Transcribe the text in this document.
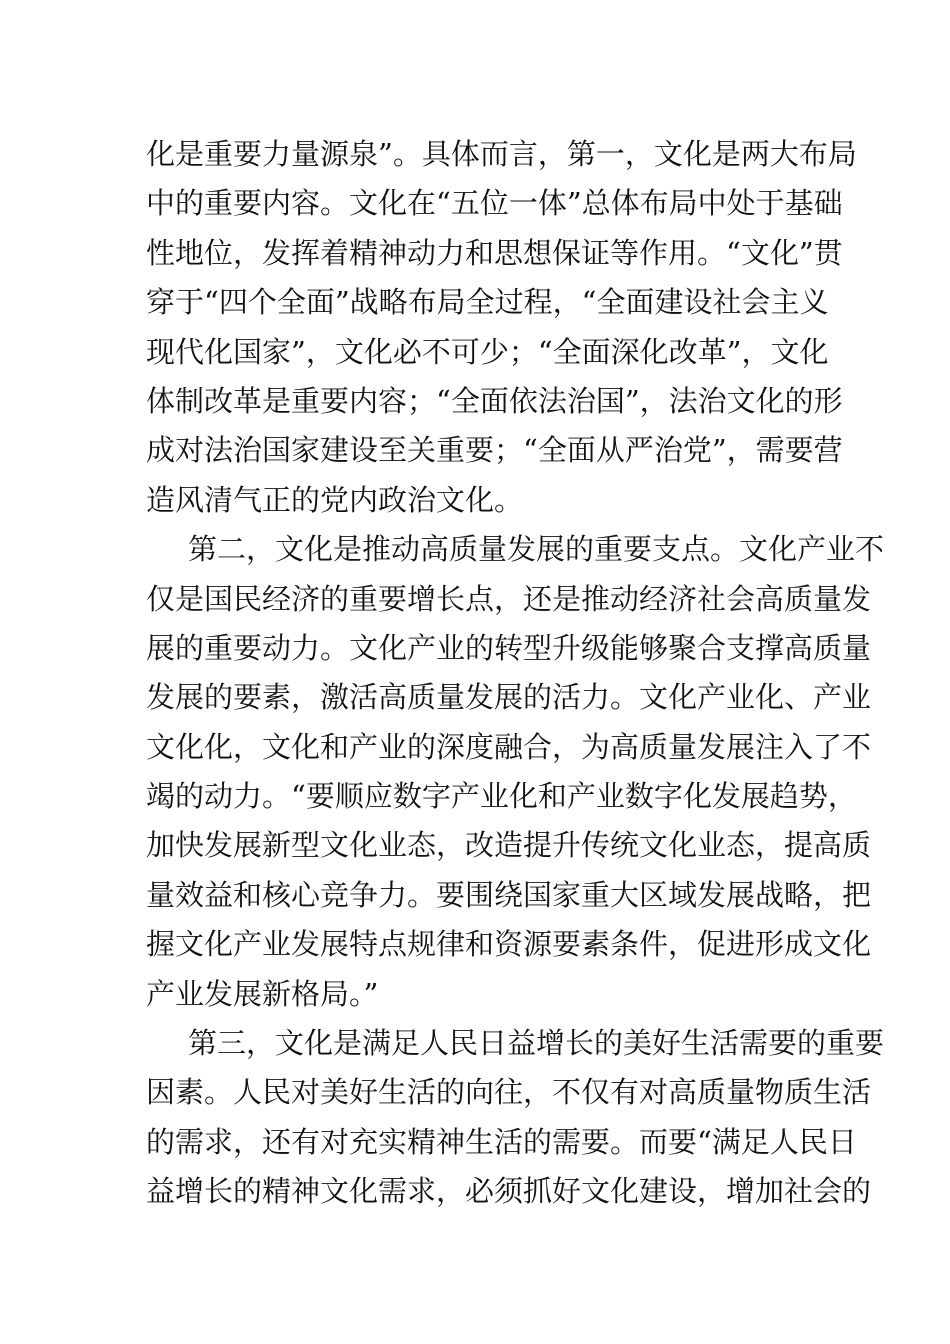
化是重要力量源泉”。具体而言，第一，文化是两大布局
中的重要内容。文化在“五位一体”总体布局中处于基础
性地位，发挥着精神动力和思想保证等作用。“文化”贯
穿于“四个全面”战略布局全过程，“全面建设社会主义
现代化国家”，文化必不可少；“全面深化改革”，文化
体制改革是重要内容；“全面依法治国”，法治文化的形
成对法治国家建设至关重要；“全面从严治党”，需要营
造风清气正的党内政治文化。
第二，文化是推动高质量发展的重要支点。文化产业不
仅是国民经济的重要增长点，还是推动经济社会高质量发
展的重要动力。文化产业的转型升级能够聚合支撑高质量
发展的要素，激活高质量发展的活力。文化产业化、产业
文化化，文化和产业的深度融合，为高质量发展注入了不
竭的动力。“要顺应数字产业化和产业数字化发展趋势，
加快发展新型文化业态，改造提升传统文化业态，提高质
量效益和核心竞争力。要围绕国家重大区域发展战略，把
握文化产业发展特点规律和资源要素条件，促进形成文化
产业发展新格局。”
第三，文化是满足人民日益增长的美好生活需要的重要
因素。人民对美好生活的向往，不仅有对高质量物质生活
的需求，还有对充实精神生活的需要。而要“满足人民日
益增长的精神文化需求，必须抓好文化建设，增加社会的
